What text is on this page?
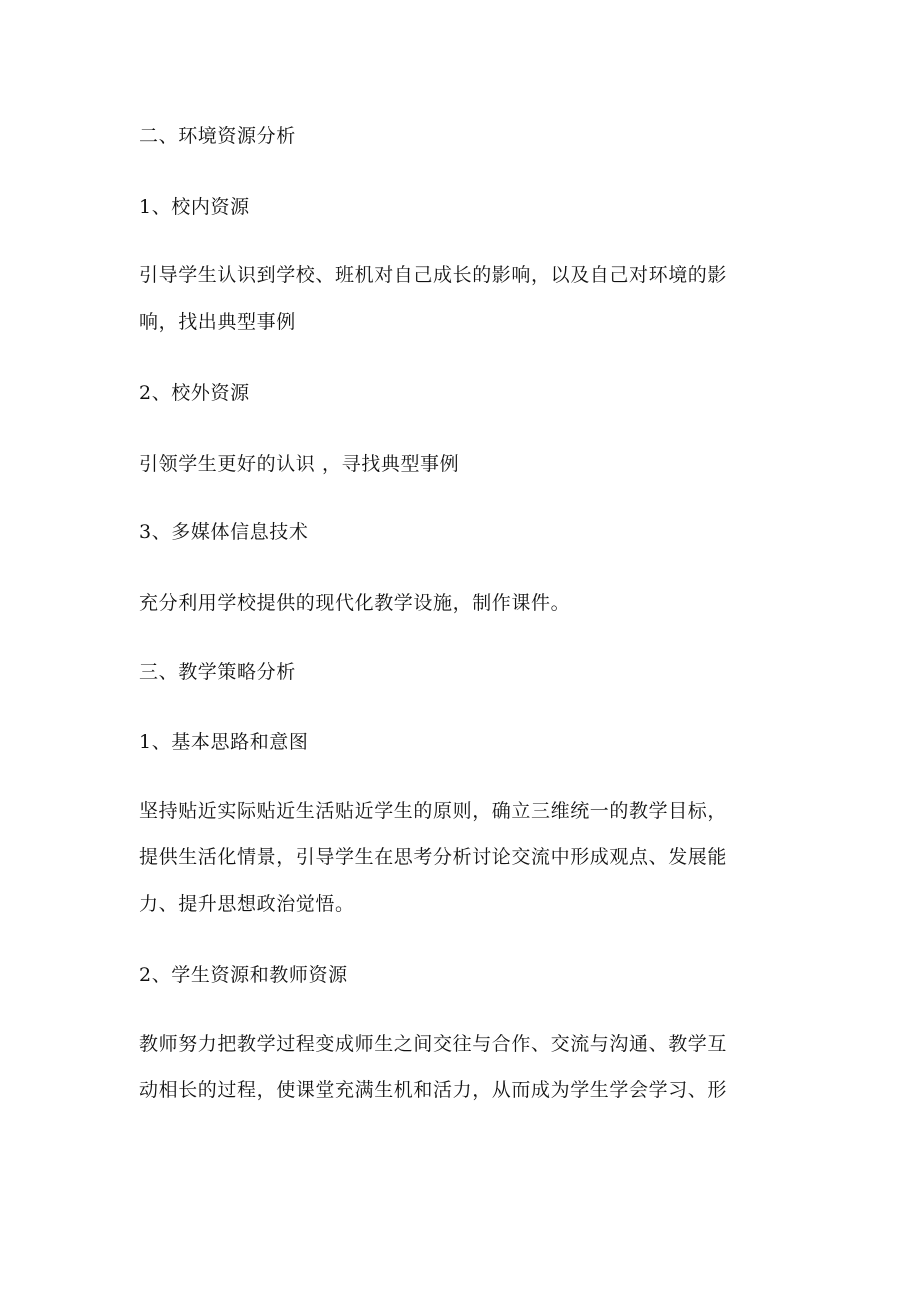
二、环境资源分析
1、校内资源
引导学生认识到学校、班机对自己成长的影响，以及自己对环境的影
响，找出典型事例
2、校外资源
引领学生更好的认识 ，寻找典型事例
3、多媒体信息技术
充分利用学校提供的现代化教学设施，制作课件。
三、教学策略分析
1、基本思路和意图
坚持贴近实际贴近生活贴近学生的原则，确立三维统一的教学目标，
提供生活化情景，引导学生在思考分析讨论交流中形成观点、发展能
力、提升思想政治觉悟。
2、学生资源和教师资源
教师努力把教学过程变成师生之间交往与合作、交流与沟通、教学互
动相长的过程，使课堂充满生机和活力，从而成为学生学会学习、形
